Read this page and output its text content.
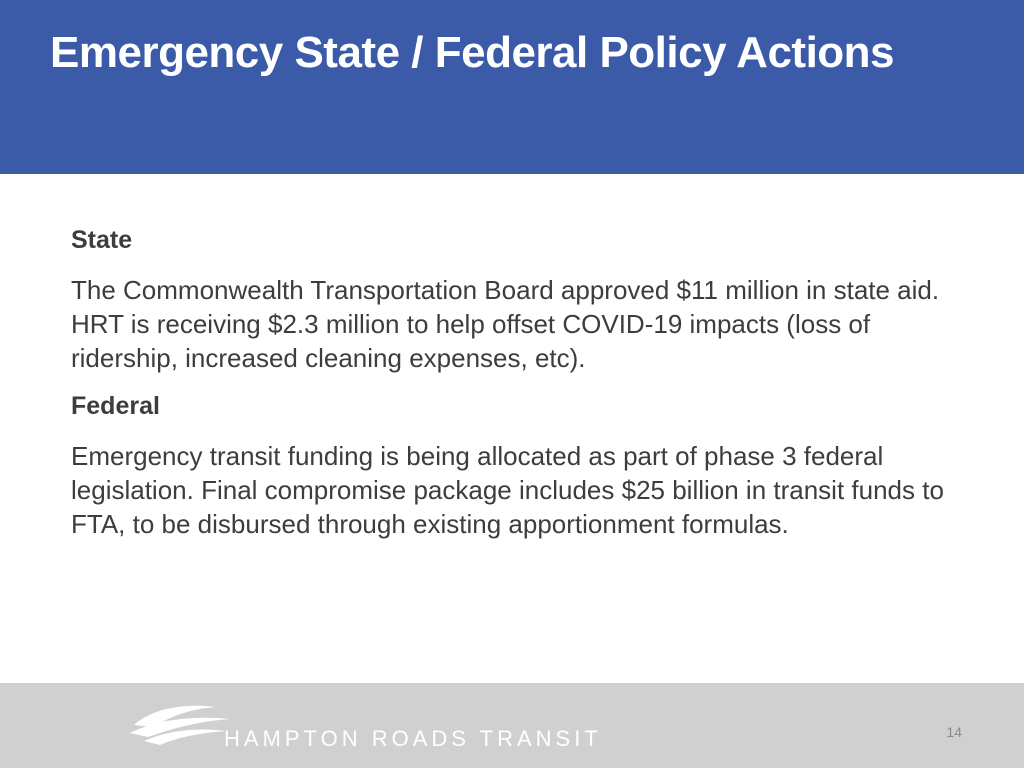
Emergency State / Federal Policy Actions
State

The Commonwealth Transportation Board approved $11 million in state aid. HRT is receiving $2.3 million to help offset COVID-19 impacts (loss of ridership, increased cleaning expenses, etc).

Federal

Emergency transit funding is being allocated as part of phase 3 federal legislation. Final compromise package includes $25 billion in transit funds to FTA, to be disbursed through existing apportionment formulas.

HAMPTON ROADS TRANSIT	14
